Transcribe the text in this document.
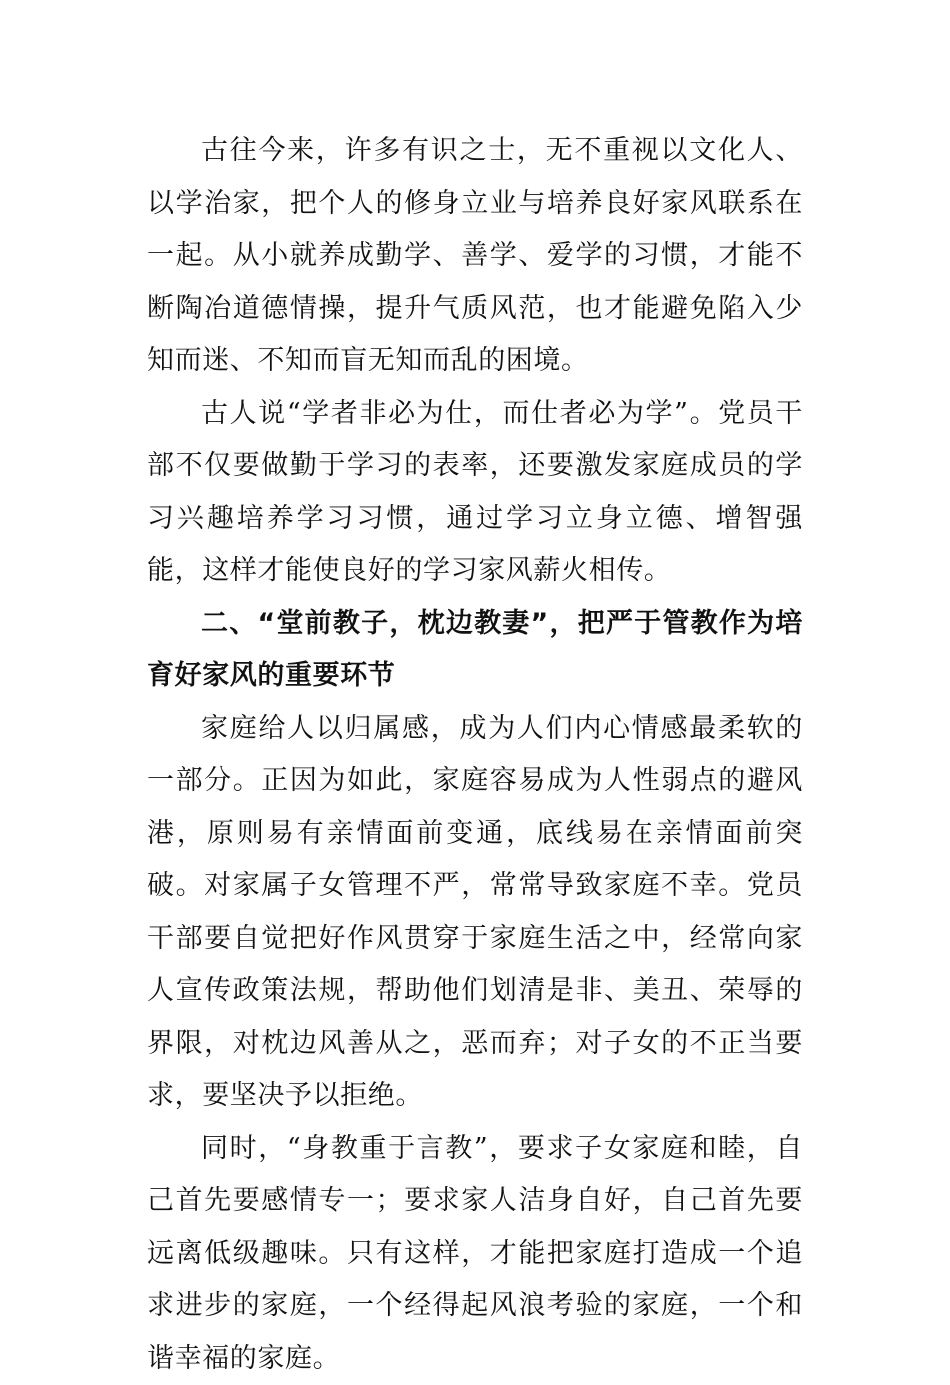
古往今来，许多有识之士，无不重视以文化人、以学治家，把个人的修身立业与培养良好家风联系在一起。从小就养成勤学、善学、爱学的习惯，才能不断陶冶道德情操，提升气质风范，也才能避免陷入少知而迷、不知而盲无知而乱的困境。

古人说“学者非必为仕，而仕者必为学”。党员干部不仅要做勤于学习的表率，还要激发家庭成员的学习兴趣培养学习习惯，通过学习立身立德、增智强能，这样才能使良好的学习家风薪火相传。

二、“堂前教子，枕边教妻”，把严于管教作为培育好家风的重要环节

家庭给人以归属感，成为人们内心情感最柔软的一部分。正因为如此，家庭容易成为人性弱点的避风港，原则易有亲情面前变通，底线易在亲情面前突破。对家属子女管理不严，常常导致家庭不幸。党员干部要自觉把好作风贯穿于家庭生活之中，经常向家人宣传政策法规，帮助他们划清是非、美丑、荣辱的界限，对枕边风善从之，恶而弃；对子女的不正当要求，要坚决予以拒绝。

同时，“身教重于言教”，要求子女家庭和睦，自己首先要感情专一；要求家人洁身自好，自己首先要远离低级趣味。只有这样，才能把家庭打造成一个追求进步的家庭，一个经得起风浪考验的家庭，一个和谐幸福的家庭。
